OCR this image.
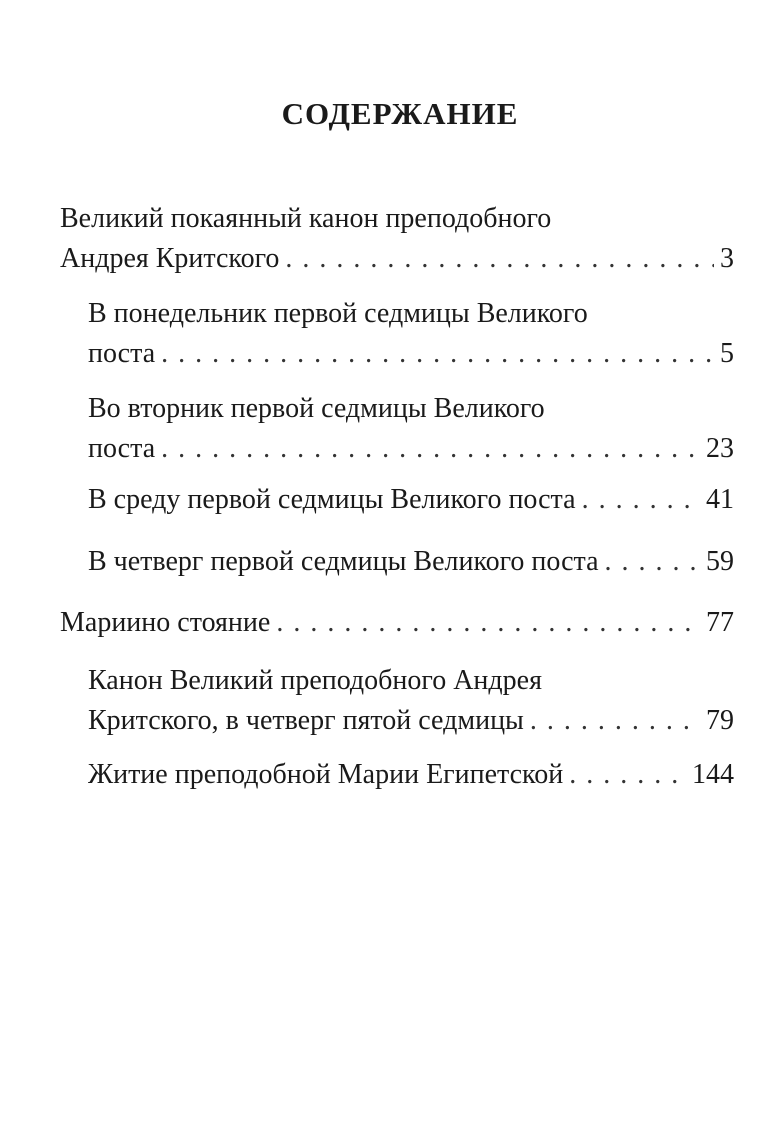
СОДЕРЖАНИЕ
Великий покаянный канон преподобного
Андрея Критского . . .	3
В понедельник первой седмицы Великого
поста . . .	5
Во вторник первой седмицы Великого
поста . . .	23
В среду первой седмицы Великого поста . . .	41
В четверг первой седмицы Великого поста . . .	59
Мариино стояние . . .	77
Канон Великий преподобного Андрея
Критского, в четверг пятой седмицы . . .	79
Житие преподобной Марии Египетской . . .	144
